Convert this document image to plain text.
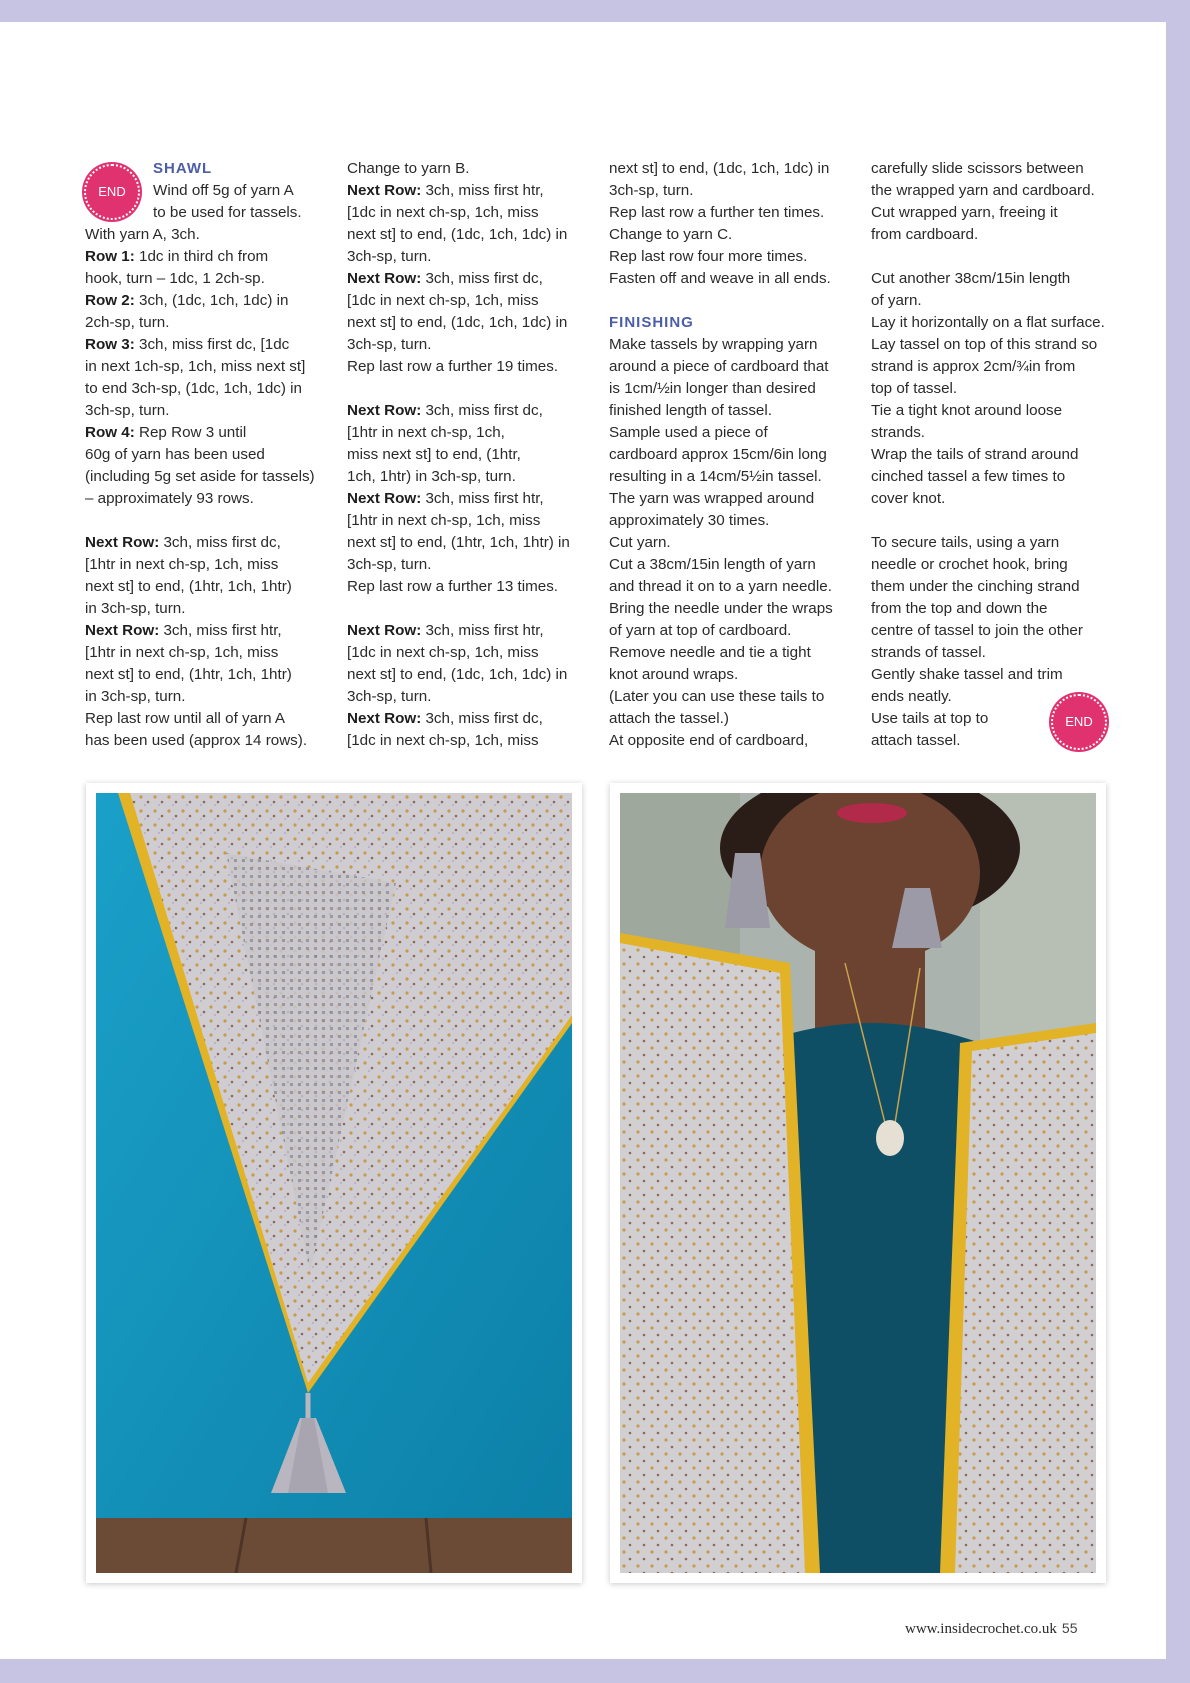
END
END

SHAWL

Wind off 5g of yarn A

to be used for tassels.

With yarn A, 3ch.

Row 1: 1dc in third ch from

hook, turn – 1dc, 1 2ch-sp.

Row 2: 3ch, (1dc, 1ch, 1dc) in

2ch-sp, turn.

Row 3: 3ch, miss first dc, [1dc

in next 1ch-sp, 1ch, miss next st]

to end 3ch-sp, (1dc, 1ch, 1dc) in

3ch-sp, turn.

Row 4: Rep Row 3 until

60g of yarn has been used

(including 5g set aside for tassels)

– approximately 93 rows.

Next Row: 3ch, miss first dc,

[1htr in next ch-sp, 1ch, miss

next st] to end, (1htr, 1ch, 1htr)

in 3ch-sp, turn.

Next Row: 3ch, miss first htr,

[1htr in next ch-sp, 1ch, miss

next st] to end, (1htr, 1ch, 1htr)

in 3ch-sp, turn.

Rep last row until all of yarn A

has been used (approx 14 rows).

Change to yarn B.

Next Row: 3ch, miss first htr,

[1dc in next ch-sp, 1ch, miss

next st] to end, (1dc, 1ch, 1dc) in

3ch-sp, turn.

Next Row: 3ch, miss first dc,

[1dc in next ch-sp, 1ch, miss

next st] to end, (1dc, 1ch, 1dc) in

3ch-sp, turn.

Rep last row a further 19 times.

Next Row: 3ch, miss first dc,

[1htr in next ch-sp, 1ch,

miss next st] to end, (1htr,

1ch, 1htr) in 3ch-sp, turn.

Next Row: 3ch, miss first htr,

[1htr in next ch-sp, 1ch, miss

next st] to end, (1htr, 1ch, 1htr) in

3ch-sp, turn.

Rep last row a further 13 times.

Next Row: 3ch, miss first htr,

[1dc in next ch-sp, 1ch, miss

next st] to end, (1dc, 1ch, 1dc) in

3ch-sp, turn.

Next Row: 3ch, miss first dc,

[1dc in next ch-sp, 1ch, miss

next st] to end, (1dc, 1ch, 1dc) in

3ch-sp, turn.

Rep last row a further ten times.

Change to yarn C.

Rep last row four more times.

Fasten off and weave in all ends.

FINISHING

Make tassels by wrapping yarn

around a piece of cardboard that

is 1cm/½in longer than desired

finished length of tassel.

Sample used a piece of

cardboard approx 15cm/6in long

resulting in a 14cm/5½in tassel.

The yarn was wrapped around

approximately 30 times.

Cut yarn.

Cut a 38cm/15in length of yarn

and thread it on to a yarn needle.

Bring the needle under the wraps

of yarn at top of cardboard.

Remove needle and tie a tight

knot around wraps.

(Later you can use these tails to

attach the tassel.)

At opposite end of cardboard,

carefully slide scissors between

the wrapped yarn and cardboard.

Cut wrapped yarn, freeing it

from cardboard.

Cut another 38cm/15in length

of yarn.

Lay it horizontally on a flat surface.

Lay tassel on top of this strand so

strand is approx 2cm/¾in from

top of tassel.

Tie a tight knot around loose

strands.

Wrap the tails of strand around

cinched tassel a few times to

cover knot.

To secure tails, using a yarn

needle or crochet hook, bring

them under the cinching strand

from the top and down the

centre of tassel to join the other

strands of tassel.

Gently shake tassel and trim

ends neatly.

Use tails at top to

attach tassel.

www.insidecrochet.co.uk 55
